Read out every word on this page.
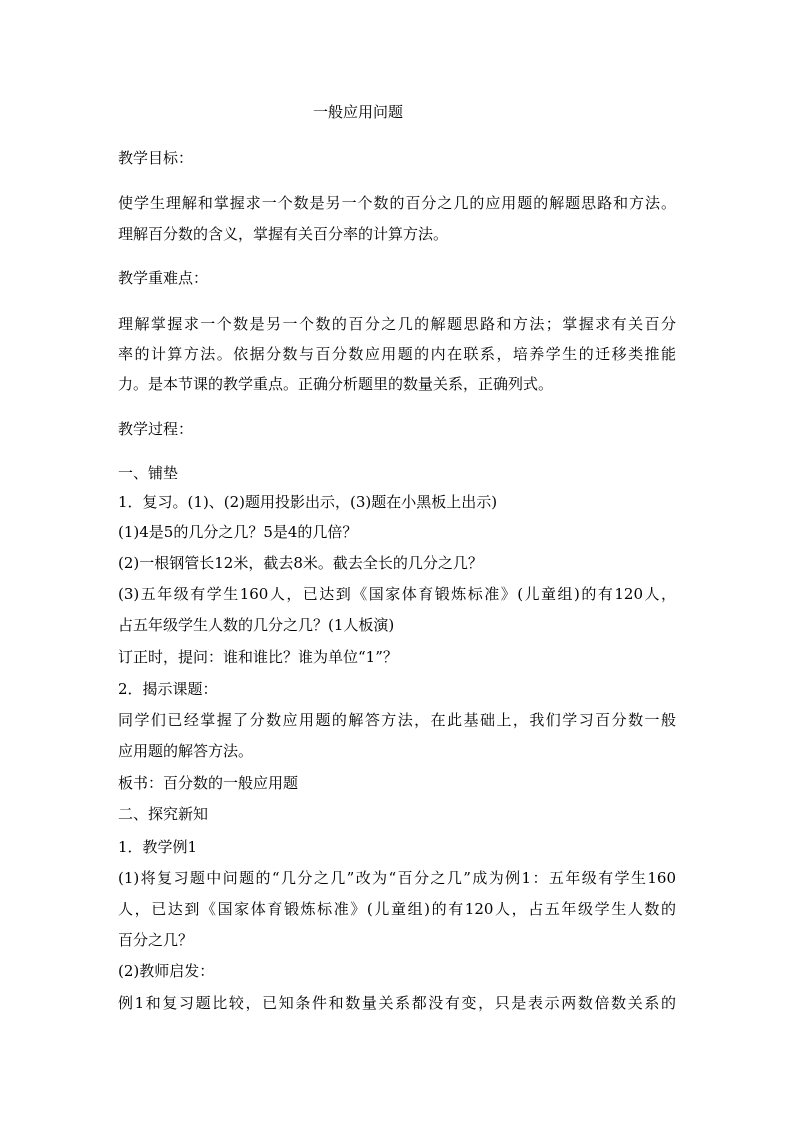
一般应用问题
教学目标：
使学生理解和掌握求一个数是另一个数的百分之几的应用题的解题思路和方法。
理解百分数的含义，掌握有关百分率的计算方法。
教学重难点：
理解掌握求一个数是另一个数的百分之几的解题思路和方法；掌握求有关百分
率的计算方法。依据分数与百分数应用题的内在联系，培养学生的迁移类推能
力。是本节课的教学重点。正确分析题里的数量关系，正确列式。
教学过程：
一、铺垫
1．复习。(1)、(2)题用投影出示，(3)题在小黑板上出示)
(1)4是5的几分之几？5是4的几倍？
(2)一根钢管长12米，截去8米。截去全长的几分之几？
(3)五年级有学生160人，已达到《国家体育锻炼标准》(儿童组)的有120人，
占五年级学生人数的几分之几？(1人板演)
订正时，提问：谁和谁比？谁为单位“1”？
2．揭示课题：
同学们已经掌握了分数应用题的解答方法，在此基础上，我们学习百分数一般
应用题的解答方法。
板书：百分数的一般应用题
二、探究新知
1．教学例1
(1)将复习题中问题的“几分之几”改为“百分之几”成为例1：五年级有学生160
人，已达到《国家体育锻炼标准》(儿童组)的有120人，占五年级学生人数的
百分之几？
(2)教师启发：
例1和复习题比较，已知条件和数量关系都没有变，只是表示两数倍数关系的
